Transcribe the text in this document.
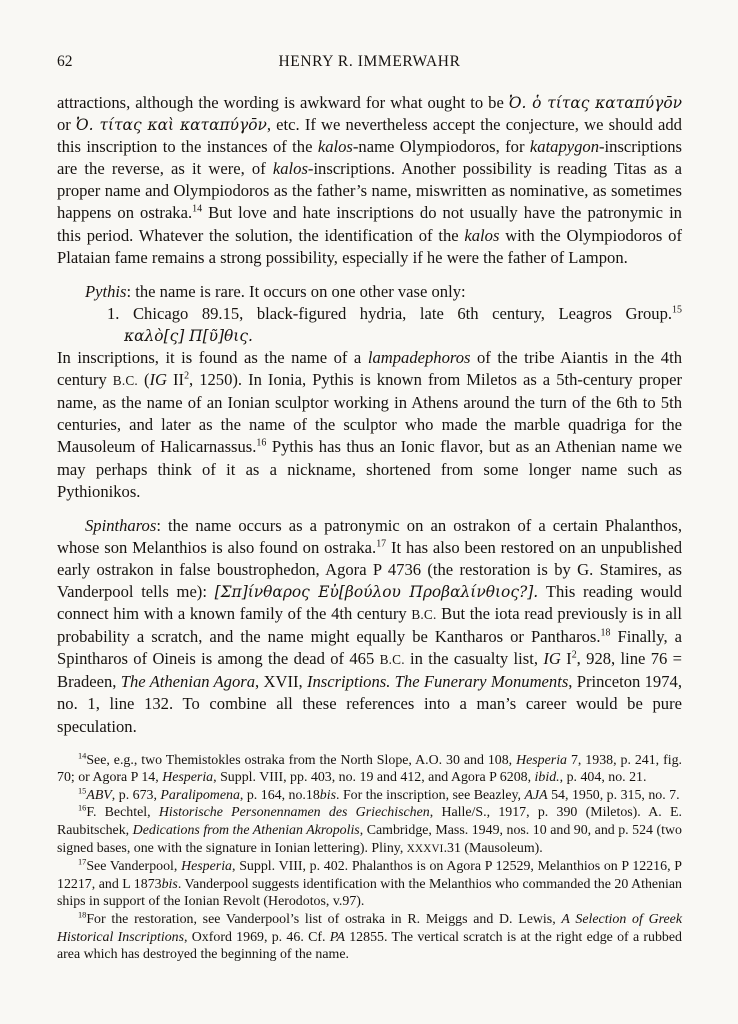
62	HENRY R. IMMERWAHR

attractions, although the wording is awkward for what ought to be Ὀ. ὁ τίτας καταπύγōν or Ὀ. τίτας καὶ καταπύγōν, etc. If we nevertheless accept the conjecture, we should add this inscription to the instances of the kalos-name Olympiodoros, for katapygon-inscriptions are the reverse, as it were, of kalos-inscriptions. Another possibility is reading Titas as a proper name and Olympiodoros as the father’s name, miswritten as nominative, as sometimes happens on ostraka.$^{14}$ But love and hate inscriptions do not usually have the patronymic in this period. Whatever the solution, the identification of the kalos with the Olympiodoros of Plataian fame remains a strong possibility, especially if he were the father of Lampon.

Pythis: the name is rare. It occurs on one other vase only:

1. Chicago 89.15, black-figured hydria, late 6th century, Leagros Group.$^{15}$

καλὸ[ς] Π[ῦ]θις.

In inscriptions, it is found as the name of a lampadephoros of the tribe Aiantis in the 4th century B.C. (IG $II^2$, 1250). In Ionia, Pythis is known from Miletos as a 5th-century proper name, as the name of an Ionian sculptor working in Athens around the turn of the 6th to 5th centuries, and later as the name of the sculptor who made the marble quadriga for the Mausoleum of Halicarnassus.$^{16}$ Pythis has thus an Ionic flavor, but as an Athenian name we may perhaps think of it as a nickname, shortened from some longer name such as Pythionikos.

Spintharos: the name occurs as a patronymic on an ostrakon of a certain Phalanthos, whose son Melanthios is also found on ostraka.$^{17}$ It has also been restored on an unpublished early ostrakon in false boustrophedon, Agora P 4736 (the restoration is by G. Stamires, as Vanderpool tells me): [Σπ]ίνθαρος Εὐ[βούλου Προβαλίνθιος?]. This reading would connect him with a known family of the 4th century B.C. But the iota read previously is in all probability a scratch, and the name might equally be Kantharos or Pantharos.$^{18}$ Finally, a Spintharos of Oineis is among the dead of 465 B.C. in the casualty list, IG $I^2$, 928, line 76 = Bradeen, The Athenian Agora, XVII, Inscriptions. The Funerary Monuments, Princeton 1974, no. 1, line 132. To combine all these references into a man’s career would be pure speculation.

$^{14}$See, e.g., two Themistokles ostraka from the North Slope, A.O. 30 and 108, Hesperia 7, 1938, p. 241, fig. 70; or Agora P 14, Hesperia, Suppl. VIII, pp. 403, no. 19 and 412, and Agora P 6208, ibid., p. 404, no. 21.

$^{15}$ABV, p. 673, Paralipomena, p. 164, no.18bis. For the inscription, see Beazley, AJA 54, 1950, p. 315, no. 7.

$^{16}$F. Bechtel, Historische Personennamen des Griechischen, Halle/S., 1917, p. 390 (Miletos). A. E. Raubitschek, Dedications from the Athenian Akropolis, Cambridge, Mass. 1949, nos. 10 and 90, and p. 524 (two signed bases, one with the signature in Ionian lettering). Pliny, XXXVI.31 (Mausoleum).

$^{17}$See Vanderpool, Hesperia, Suppl. VIII, p. 402. Phalanthos is on Agora P 12529, Melanthios on P 12216, P 12217, and L 1873bis. Vanderpool suggests identification with the Melanthios who commanded the 20 Athenian ships in support of the Ionian Revolt (Herodotos, v.97).

$^{18}$For the restoration, see Vanderpool’s list of ostraka in R. Meiggs and D. Lewis, A Selection of Greek Historical Inscriptions, Oxford 1969, p. 46. Cf. PA 12855. The vertical scratch is at the right edge of a rubbed area which has destroyed the beginning of the name.
